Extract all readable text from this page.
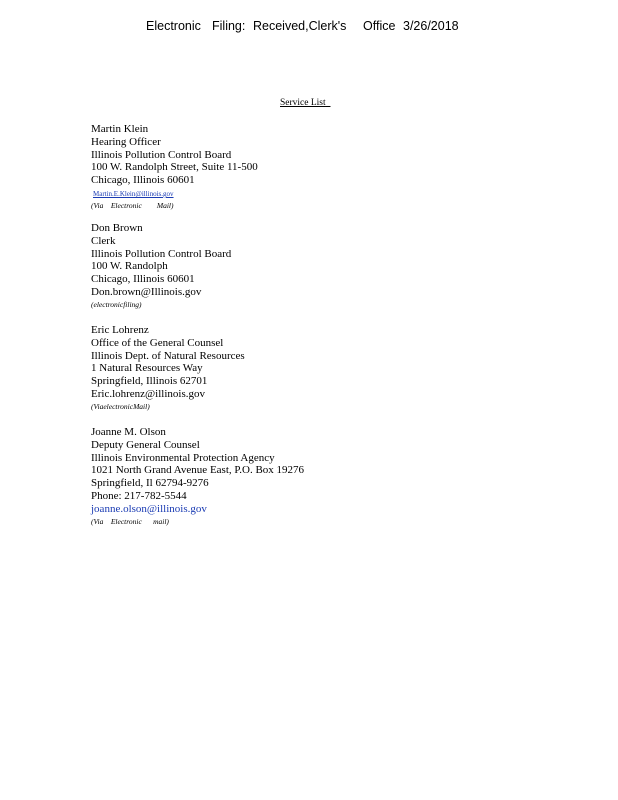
Electronic Filing: Received,Clerk's Office 3/26/2018
Service List
Martin Klein
Hearing Officer
Illinois Pollution Control Board
100 W. Randolph Street, Suite 11-500
Chicago, Illinois 60601
Martin.E.Klein@illinois.gov
(Via    Electronic        Mail)
Don Brown
Clerk
Illinois Pollution Control Board
100 W. Randolph
Chicago, Illinois 60601
Don.brown@Illinois.gov
(electronicfiling)
Eric Lohrenz
Office of the General Counsel
Illinois Dept. of Natural Resources
1 Natural Resources Way
Springfield, Illinois 62701
Eric.lohrenz@illinois.gov
(ViaelectronicMail)
Joanne M. Olson
Deputy General Counsel
Illinois Environmental Protection Agency
1021 North Grand Avenue East, P.O. Box 19276
Springfield, Il 62794-9276
Phone: 217-782-5544
joanne.olson@illinois.gov
(Via    Electronic      mail)
